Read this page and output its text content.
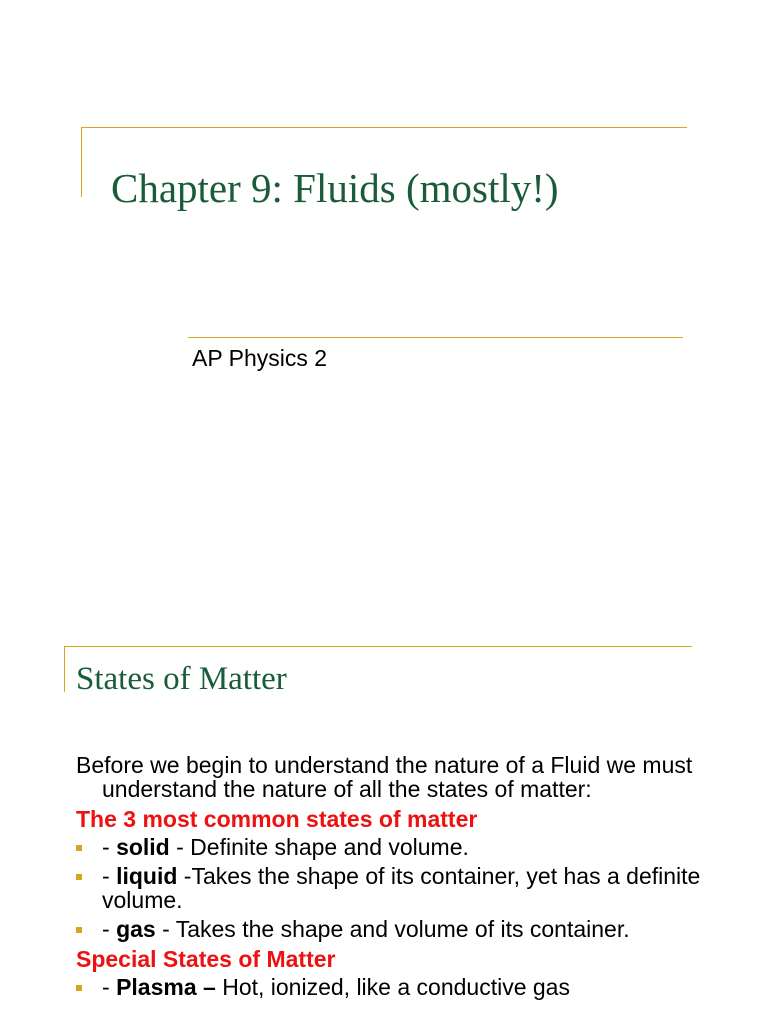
Chapter 9: Fluids (mostly!)

AP Physics 2

States of Matter

Before we begin to understand the nature of a Fluid we must understand the nature of all the states of matter:

The 3 most common states of matter
- solid - Definite shape and volume.
- liquid -Takes the shape of its container, yet has a definite volume.
- gas - Takes the shape and volume of its container.
Special States of Matter
- Plasma – Hot, ionized, like a conductive gas
